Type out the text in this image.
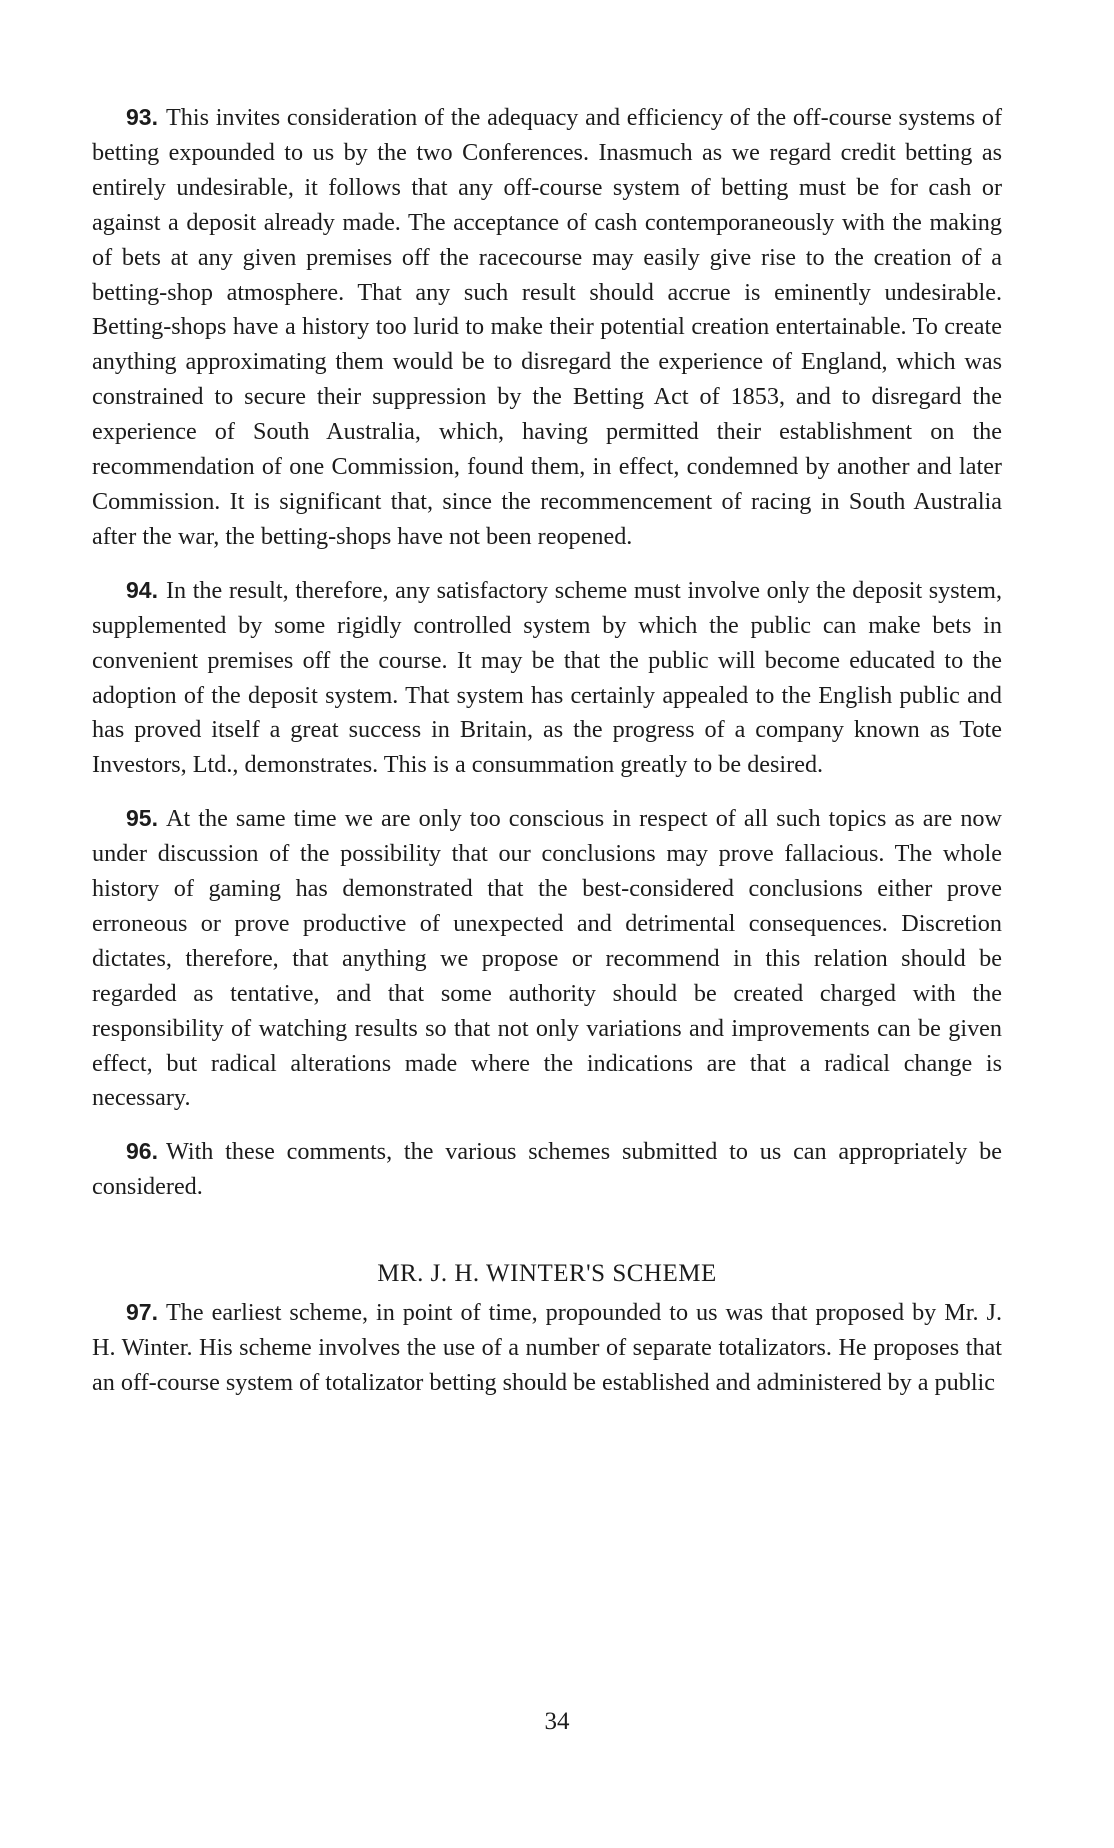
93. This invites consideration of the adequacy and efficiency of the off-course systems of betting expounded to us by the two Conferences. Inasmuch as we regard credit betting as entirely undesirable, it follows that any off-course system of betting must be for cash or against a deposit already made. The acceptance of cash contemporaneously with the making of bets at any given premises off the racecourse may easily give rise to the creation of a betting-shop atmosphere. That any such result should accrue is eminently undesirable. Betting-shops have a history too lurid to make their potential creation entertainable. To create anything approximating them would be to disregard the experience of England, which was constrained to secure their suppression by the Betting Act of 1853, and to disregard the experience of South Australia, which, having permitted their establishment on the recommendation of one Commission, found them, in effect, condemned by another and later Commission. It is significant that, since the recommencement of racing in South Australia after the war, the betting-shops have not been reopened.

94. In the result, therefore, any satisfactory scheme must involve only the deposit system, supplemented by some rigidly controlled system by which the public can make bets in convenient premises off the course. It may be that the public will become educated to the adoption of the deposit system. That system has certainly appealed to the English public and has proved itself a great success in Britain, as the progress of a company known as Tote Investors, Ltd., demonstrates. This is a consummation greatly to be desired.

95. At the same time we are only too conscious in respect of all such topics as are now under discussion of the possibility that our conclusions may prove fallacious. The whole history of gaming has demonstrated that the best-considered conclusions either prove erroneous or prove productive of unexpected and detrimental consequences. Discretion dictates, therefore, that anything we propose or recommend in this relation should be regarded as tentative, and that some authority should be created charged with the responsibility of watching results so that not only variations and improvements can be given effect, but radical alterations made where the indications are that a radical change is necessary.

96. With these comments, the various schemes submitted to us can appropriately be considered.

MR. J. H. WINTER'S SCHEME

97. The earliest scheme, in point of time, propounded to us was that proposed by Mr. J. H. Winter. His scheme involves the use of a number of separate totalizators. He proposes that an off-course system of totalizator betting should be established and administered by a public

34
